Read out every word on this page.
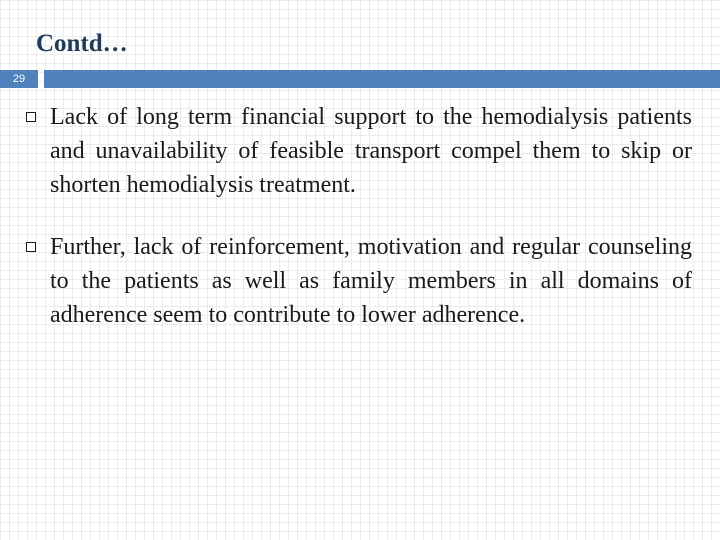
Contd…
29
Lack of long term financial support to the hemodialysis patients and unavailability of feasible transport compel them to skip or shorten hemodialysis treatment.
Further, lack of reinforcement, motivation and regular counseling to the patients as well as family members in all domains of adherence seem to contribute to lower adherence.
